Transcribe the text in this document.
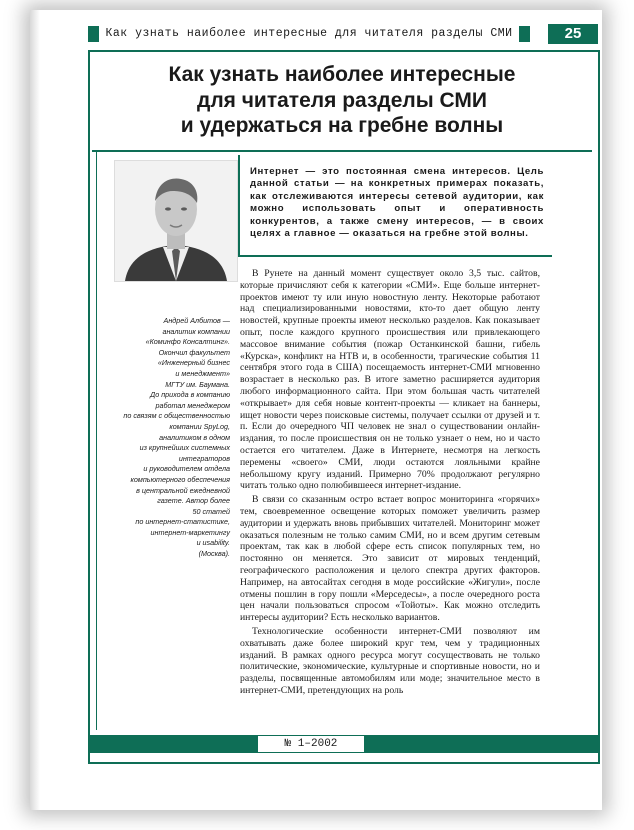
Как узнать наиболее интересные для читателя разделы СМИ	25
Как узнать наиболее интересные
для читателя разделы СМИ
и удержаться на гребне волны
Интернет — это постоянная смена интересов. Цель данной статьи — на конкретных примерах показать, как отслеживаются интересы сетевой аудитории, как можно использовать опыт и оперативность конкурентов, а также смену интересов, — в своих целях а главное — оказаться на гребне этой волны.
Андрей Албитов —
аналитик компании
«Коминфо Консалтинг».
Окончил факультет
«Инженерный бизнес
и менеджмент»
МГТУ им. Баумана.
До прихода в компанию
работал менеджером
по связям с общественностью
компании SpyLog,
аналитиком в одном
из крупнейших системных
интеграторов
и руководителем отдела
компьютерного обеспечения
в центральной ежедневной
газете. Автор более
50 статей
по интернет-статистике,
интернет-маркетингу
и usability.
(Москва).

В Рунете на данный момент существует около 3,5 тыс. сайтов, которые причисляют себя к категории «СМИ». Еще больше интернет-проектов имеют ту или иную новостную ленту. Некоторые работают над специализированными новостями, кто-то дает общую ленту новостей, крупные проекты имеют несколько разделов. Как показывает опыт, после каждого крупного происшествия или привлекающего массовое внимание события (пожар Останкинской башни, гибель «Курска», конфликт на НТВ и, в особенности, трагические события 11 сентября этого года в США) посещаемость интернет-СМИ мгновенно возрастает в несколько раз. В итоге заметно расширяется аудитория любого информационного сайта. При этом большая часть читателей «открывает» для себя новые контент-проекты — кликает на баннеры, ищет новости через поисковые системы, получает ссылки от друзей и т. п. Если до очередного ЧП человек не знал о существовании онлайн-издания, то после происшествия он не только узнает о нем, но и часто остается его читателем. Даже в Интернете, несмотря на легкость перемены «своего» СМИ, люди остаются лояльными крайне небольшому кругу изданий. Примерно 70% продолжают регулярно читать только одно полюбившееся интернет-издание.

В связи со сказанным остро встает вопрос мониторинга «горячих» тем, своевременное освещение которых поможет увеличить размер аудитории и удержать вновь прибывших читателей. Мониторинг может оказаться полезным не только самим СМИ, но и всем другим сетевым проектам, так как в любой сфере есть список популярных тем, но постоянно он меняется. Это зависит от мировых тенденций, географического расположения и целого спектра других факторов. Например, на автосайтах сегодня в моде российские «Жигули», после отмены пошлин в гору пошли «Мерседесы», а после очередного роста цен начали пользоваться спросом «Тойоты». Как можно отследить интересы аудитории? Есть несколько вариантов.

Технологические особенности интернет-СМИ позволяют им охватывать даже более широкий круг тем, чем у традиционных изданий. В рамках одного ресурса могут сосуществовать не только политические, экономические, культурные и спортивные новости, но и разделы, посвященные автомобилям или моде; значительное место в интернет-СМИ, претендующих на роль

№ 1–2002
